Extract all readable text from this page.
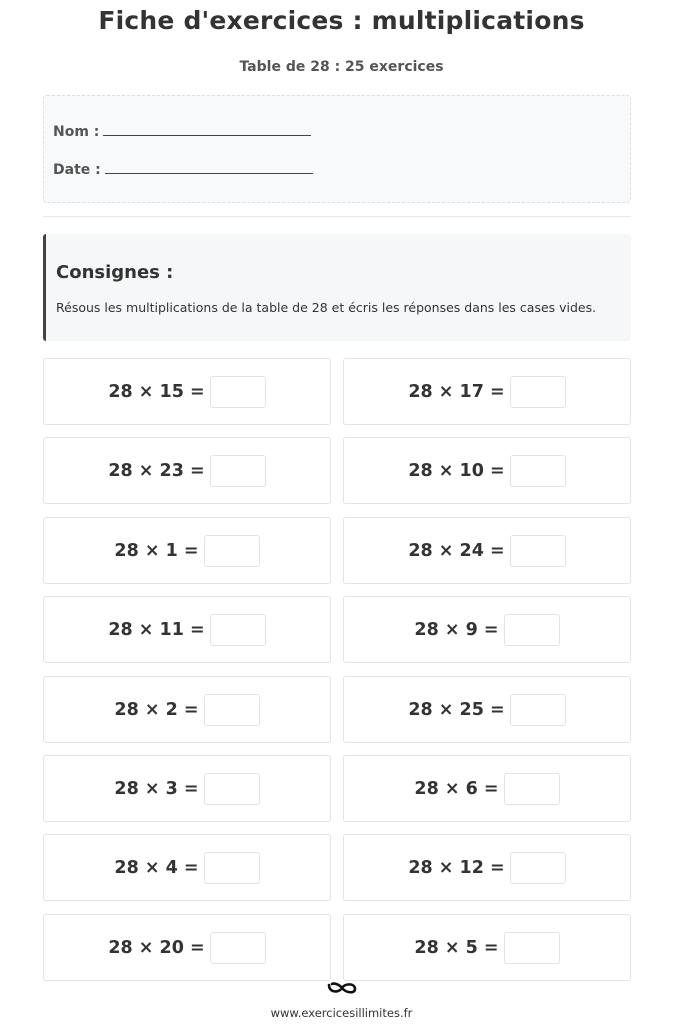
Fiche d'exercices : multiplications
Table de 28 : 25 exercices
Nom :
Date :
Consignes :

Résous les multiplications de la table de 28 et écris les réponses dans les cases vides.

28 × 15 =	28 × 17 =
28 × 23 =	28 × 10 =
28 × 1 =	28 × 24 =
28 × 11 =	28 × 9 =
28 × 2 =	28 × 25 =
28 × 3 =	28 × 6 =
28 × 4 =	28 × 12 =
28 × 20 =	28 × 5 =
www.exercicesillimites.fr
